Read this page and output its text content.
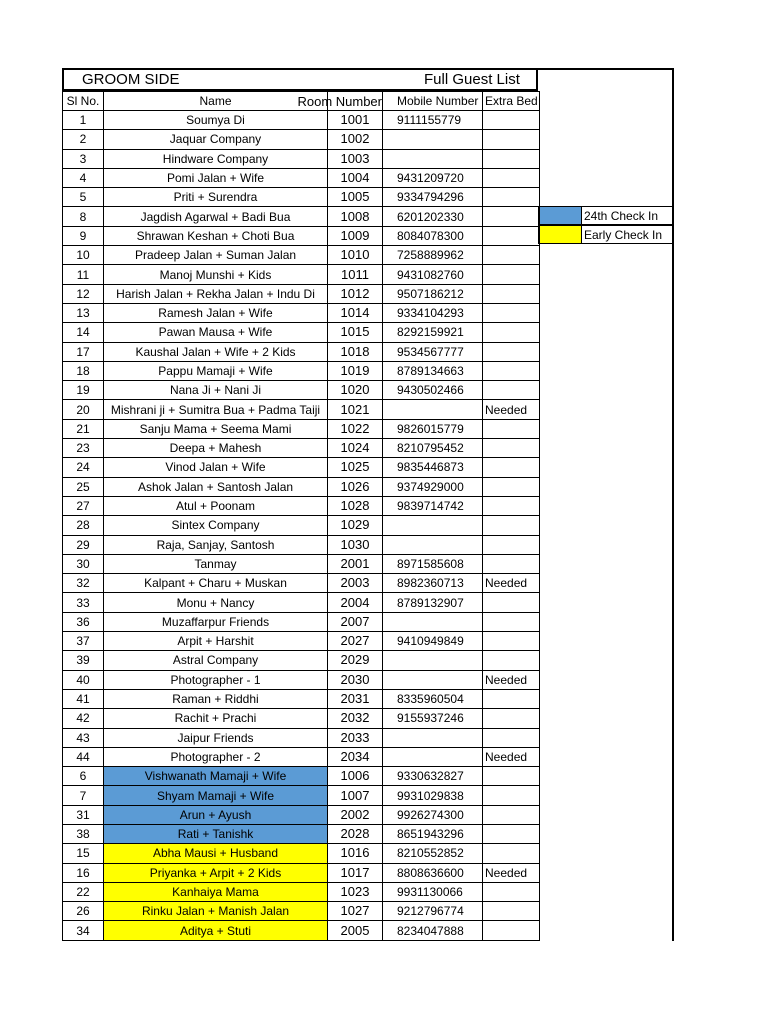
GROOM SIDE	Full Guest List
24th Check In
Early Check In
Sl No.	Name	Room Number	Mobile Number	Extra Bed
1	Soumya Di	1001	9111155779	
2	Jaquar Company	1002		
3	Hindware Company	1003		
4	Pomi Jalan + Wife	1004	9431209720	
5	Priti + Surendra	1005	9334794296	
8	Jagdish Agarwal + Badi Bua	1008	6201202330	
9	Shrawan Keshan + Choti Bua	1009	8084078300	
10	Pradeep Jalan + Suman Jalan	1010	7258889962	
11	Manoj Munshi + Kids	1011	9431082760	
12	Harish Jalan + Rekha Jalan + Indu Di	1012	9507186212	
13	Ramesh Jalan + Wife	1014	9334104293	
14	Pawan Mausa + Wife	1015	8292159921	
17	Kaushal Jalan + Wife + 2 Kids	1018	9534567777	
18	Pappu Mamaji + Wife	1019	8789134663	
19	Nana Ji + Nani Ji	1020	9430502466	
20	Mishrani ji + Sumitra Bua + Padma Taiji	1021		Needed
21	Sanju Mama + Seema Mami	1022	9826015779	
23	Deepa + Mahesh	1024	8210795452	
24	Vinod Jalan + Wife	1025	9835446873	
25	Ashok Jalan + Santosh Jalan	1026	9374929000	
27	Atul + Poonam	1028	9839714742	
28	Sintex Company	1029		
29	Raja, Sanjay, Santosh	1030		
30	Tanmay	2001	8971585608	
32	Kalpant + Charu + Muskan	2003	8982360713	Needed
33	Monu + Nancy	2004	8789132907	
36	Muzaffarpur Friends	2007		
37	Arpit + Harshit	2027	9410949849	
39	Astral Company	2029		
40	Photographer - 1	2030		Needed
41	Raman + Riddhi	2031	8335960504	
42	Rachit + Prachi	2032	9155937246	
43	Jaipur Friends	2033		
44	Photographer - 2	2034		Needed
6	Vishwanath Mamaji + Wife	1006	9330632827	
7	Shyam Mamaji + Wife	1007	9931029838	
31	Arun + Ayush	2002	9926274300	
38	Rati + Tanishk	2028	8651943296	
15	Abha Mausi + Husband	1016	8210552852	
16	Priyanka + Arpit + 2 Kids	1017	8808636600	Needed
22	Kanhaiya Mama	1023	9931130066	
26	Rinku Jalan + Manish Jalan	1027	9212796774	
34	Aditya + Stuti	2005	8234047888	
